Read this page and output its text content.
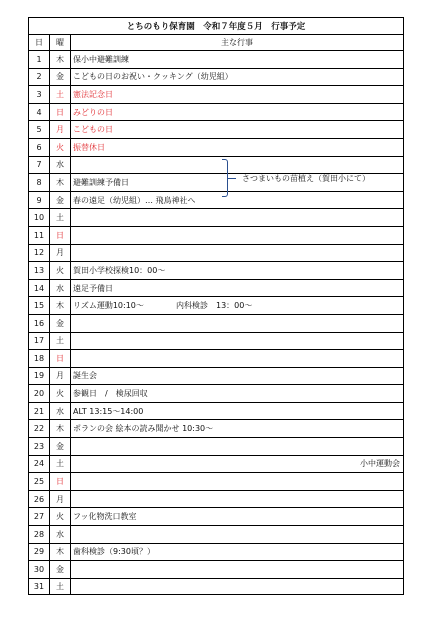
とちのもり保育園　令和７年度５月　行事予定
日	曜	主な行事
1	木	保小中避難訓練
2	金	こどもの日のお祝い・クッキング（幼児組）
3	土	憲法記念日
4	日	みどりの日
5	月	こどもの日
6	火	振替休日
7	水
8	木	避難訓練予備日
9	金	春の遠足（幼児組）… 飛鳥神社へ
10	土
11	日
12	月
13	火	賀田小学校探検10：00～
14	水	遠足予備日
15	木	リズム運動10:10～	内科検診　13：00～
16	金
17	土
18	日
19	月	誕生会
20	火	参観日　/　検尿回収
21	水	ALT 13:15～14:00
22	木	ポランの会 絵本の読み聞かせ 10:30～
23	金
24	土	小中運動会
25	日
26	月
27	火	フッ化物洗口教室
28	水
29	木	歯科検診（9:30頃？）
30	金
31	土
さつまいもの苗植え（賀田小にて）
